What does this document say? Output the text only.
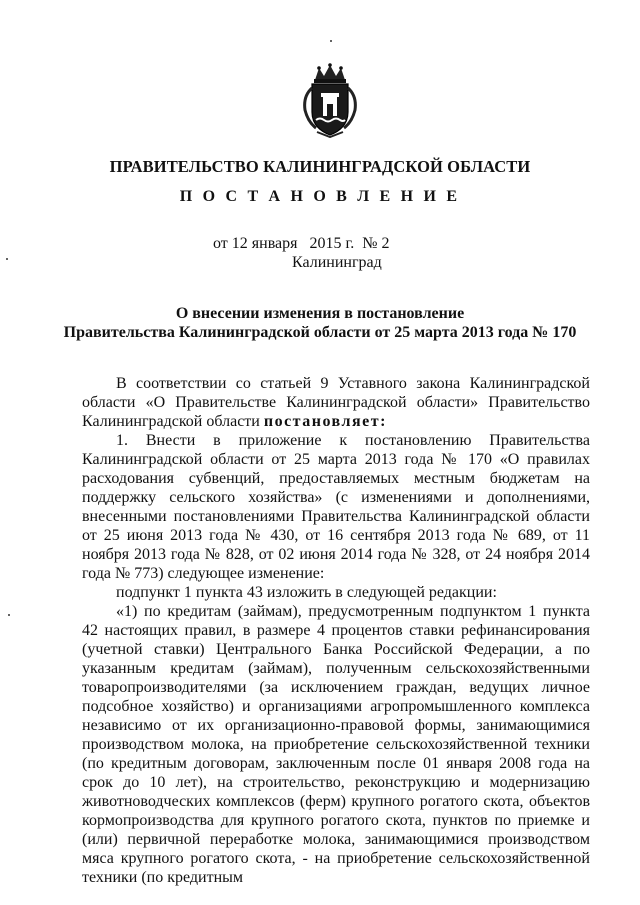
ПРАВИТЕЛЬСТВО КАЛИНИНГРАДСКОЙ ОБЛАСТИ
П О С Т А Н О В Л Е Н И Е
от 12 января 2015 г. № 2
Калининград
О внесении изменения в постановление
Правительства Калининградской области от 25 марта 2013 года № 170

В соответствии со статьей 9 Уставного закона Калининградской области «О Правительстве Калининградской области» Правительство Калининградской области постановляет:

1. Внести в приложение к постановлению Правительства Калининградской области от 25 марта 2013 года № 170 «О правилах расходования субвенций, предоставляемых местным бюджетам на поддержку сельского хозяйства» (с изменениями и дополнениями, внесенными постановлениями Правительства Калининградской области от 25 июня 2013 года № 430, от 16 сентября 2013 года № 689, от 11 ноября 2013 года № 828, от 02 июня 2014 года № 328, от 24 ноября 2014 года № 773) следующее изменение:

подпункт 1 пункта 43 изложить в следующей редакции:

«1) по кредитам (займам), предусмотренным подпунктом 1 пункта 42 настоящих правил, в размере 4 процентов ставки рефинансирования (учетной ставки) Центрального Банка Российской Федерации, а по указанным кредитам (займам), полученным сельскохозяйственными товаропроизводителями (за исключением граждан, ведущих личное подсобное хозяйство) и организациями агропромышленного комплекса независимо от их организационно-правовой формы, занимающимися производством молока, на приобретение сельскохозяйственной техники (по кредитным договорам, заключенным после 01 января 2008 года на срок до 10 лет), на строительство, реконструкцию и модернизацию животноводческих комплексов (ферм) крупного рогатого скота, объектов кормопроизводства для крупного рогатого скота, пунктов по приемке и (или) первичной переработке молока, занимающимися производством мяса крупного рогатого скота, - на приобретение сельскохозяйственной техники (по кредитным
